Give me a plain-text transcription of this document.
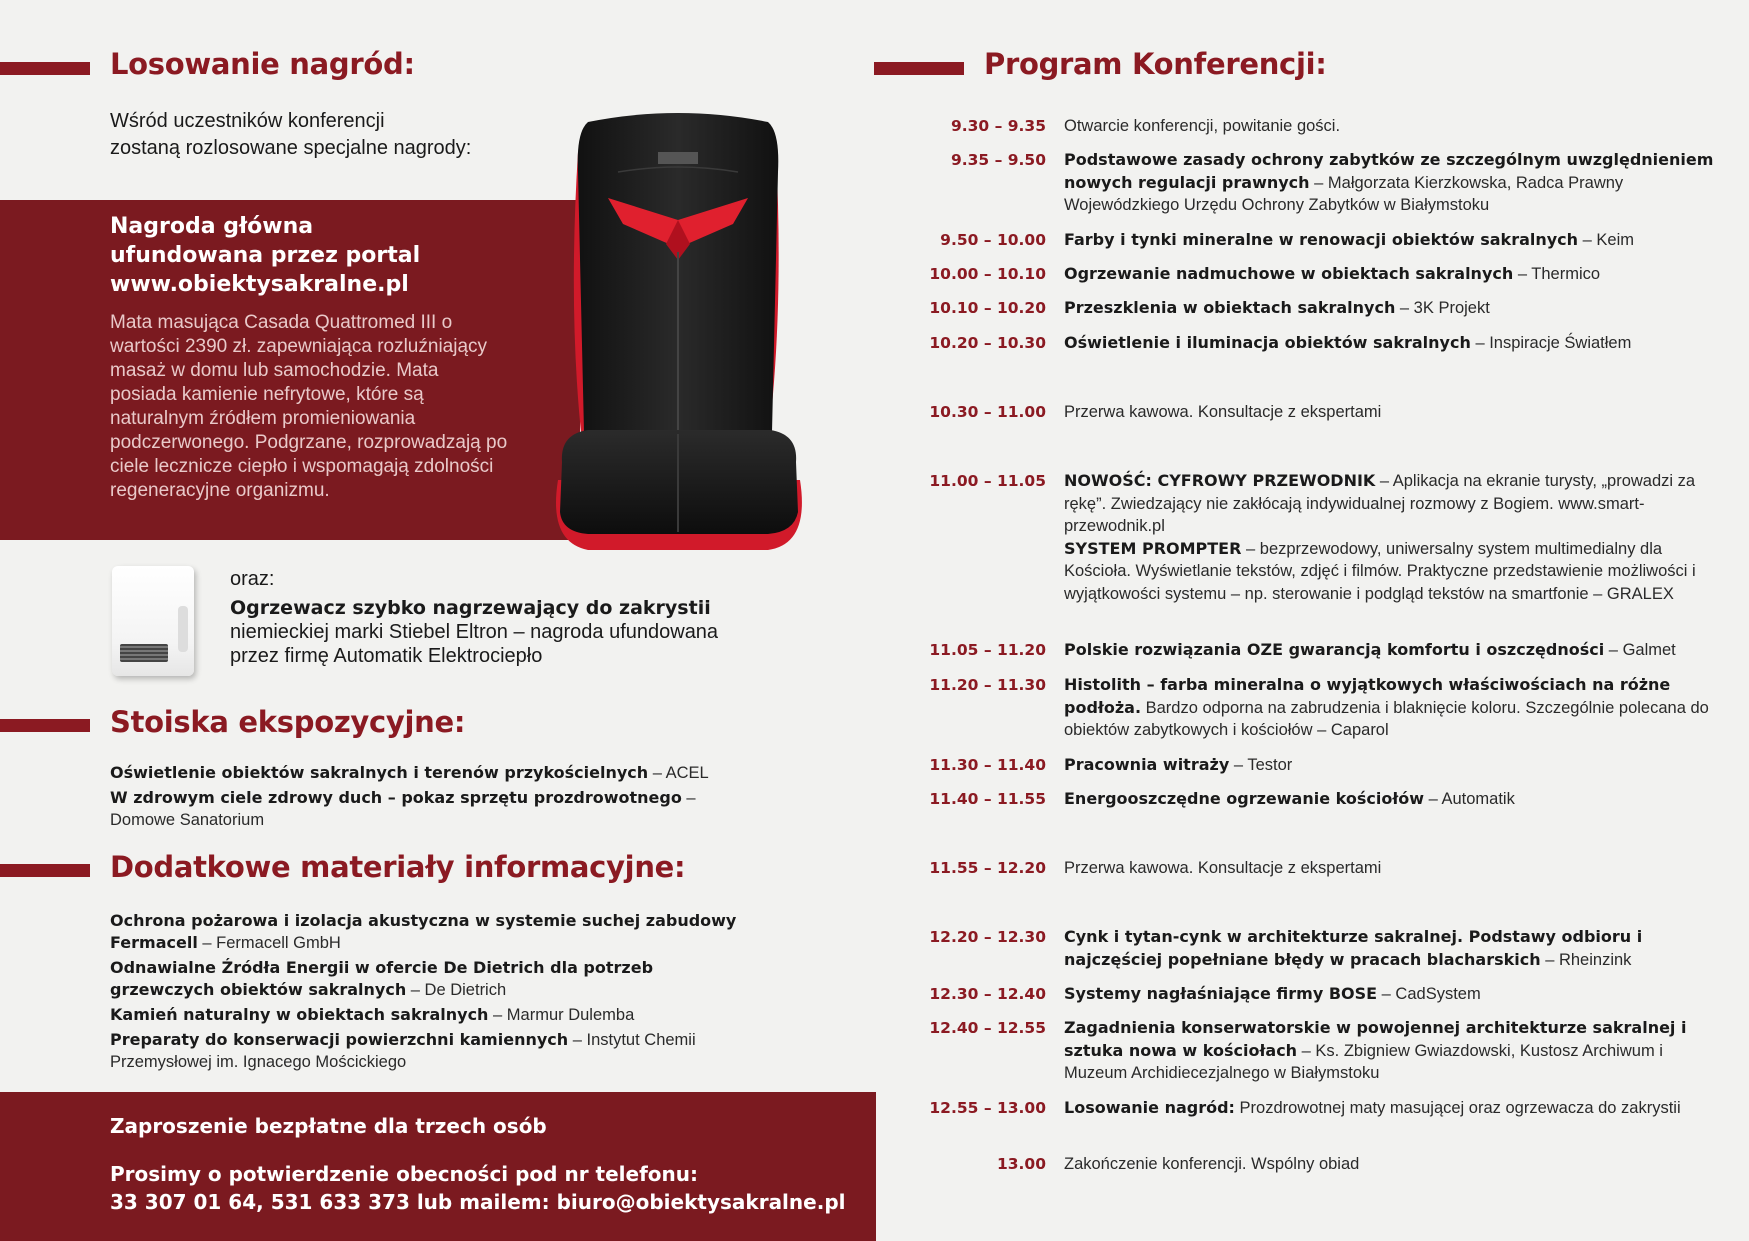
Losowanie nagród:
Wśród uczestników konferencji
zostaną rozlosowane specjalne nagrody:
Nagroda główna
ufundowana przez portal
www.obiektysakralne.pl
Mata masująca Casada Quattromed III o wartości 2390 zł. zapewniająca rozluźniający masaż w domu lub samochodzie. Mata posiada kamienie nefrytowe, które są naturalnym źródłem promieniowania podczerwonego. Podgrzane, rozprowadzają po ciele lecznicze ciepło i wspomagają zdolności regeneracyjne organizmu.
oraz:
Ogrzewacz szybko nagrzewający do zakrystii
niemieckiej marki Stiebel Eltron – nagroda ufundowana
przez firmę Automatik Elektrociepło
Stoiska ekspozycyjne:
Oświetlenie obiektów sakralnych i terenów przykościelnych – ACEL
W zdrowym ciele zdrowy duch – pokaz sprzętu prozdrowotnego – Domowe Sanatorium
Dodatkowe materiały informacyjne:
Ochrona pożarowa i izolacja akustyczna w systemie suchej zabudowy Fermacell – Fermacell GmbH
Odnawialne Źródła Energii w ofercie De Dietrich dla potrzeb grzewczych obiektów sakralnych – De Dietrich
Kamień naturalny w obiektach sakralnych – Marmur Dulemba
Preparaty do konserwacji powierzchni kamiennych – Instytut Chemii Przemysłowej im. Ignacego Mościckiego
Zaproszenie bezpłatne dla trzech osób
Prosimy o potwierdzenie obecności pod nr telefonu:
33 307 01 64, 531 633 373 lub mailem: biuro@obiektysakralne.pl
Program Konferencji:
9.30 – 9.35 Otwarcie konferencji, powitanie gości.
9.35 – 9.50 Podstawowe zasady ochrony zabytków ze szczególnym uwzględnieniem nowych regulacji prawnych – Małgorzata Kierzkowska, Radca Prawny Wojewódzkiego Urzędu Ochrony Zabytków w Białymstoku
9.50 – 10.00 Farby i tynki mineralne w renowacji obiektów sakralnych – Keim
10.00 – 10.10 Ogrzewanie nadmuchowe w obiektach sakralnych – Thermico
10.10 – 10.20 Przeszklenia w obiektach sakralnych – 3K Projekt
10.20 – 10.30 Oświetlenie i iluminacja obiektów sakralnych – Inspiracje Światłem
10.30 – 11.00 Przerwa kawowa. Konsultacje z ekspertami
11.00 – 11.05 NOWOŚĆ: CYFROWY PRZEWODNIK – Aplikacja na ekranie turysty, „prowadzi za rękę”. Zwiedzający nie zakłócają indywidualnej rozmowy z Bogiem. www.smart-przewodnik.pl
SYSTEM PROMPTER – bezprzewodowy, uniwersalny system multimedialny dla Kościoła. Wyświetlanie tekstów, zdjęć i filmów. Praktyczne przedstawienie możliwości i wyjątkowości systemu – np. sterowanie i podgląd tekstów na smartfonie – GRALEX
11.05 – 11.20 Polskie rozwiązania OZE gwarancją komfortu i oszczędności – Galmet
11.20 – 11.30 Histolith – farba mineralna o wyjątkowych właściwościach na różne podłoża. Bardzo odporna na zabrudzenia i blaknięcie koloru. Szczególnie polecana do obiektów zabytkowych i kościołów – Caparol
11.30 – 11.40 Pracownia witraży – Testor
11.40 – 11.55 Energooszczędne ogrzewanie kościołów – Automatik
11.55 – 12.20 Przerwa kawowa. Konsultacje z ekspertami
12.20 – 12.30 Cynk i tytan-cynk w architekturze sakralnej. Podstawy odbioru i najczęściej popełniane błędy w pracach blacharskich – Rheinzink
12.30 – 12.40 Systemy nagłaśniające firmy BOSE – CadSystem
12.40 – 12.55 Zagadnienia konserwatorskie w powojennej architekturze sakralnej i sztuka nowa w kościołach – Ks. Zbigniew Gwiazdowski, Kustosz Archiwum i Muzeum Archidiecezjalnego w Białymstoku
12.55 – 13.00 Losowanie nagród: Prozdrowotnej maty masującej oraz ogrzewacza do zakrystii
13.00 Zakończenie konferencji. Wspólny obiad
